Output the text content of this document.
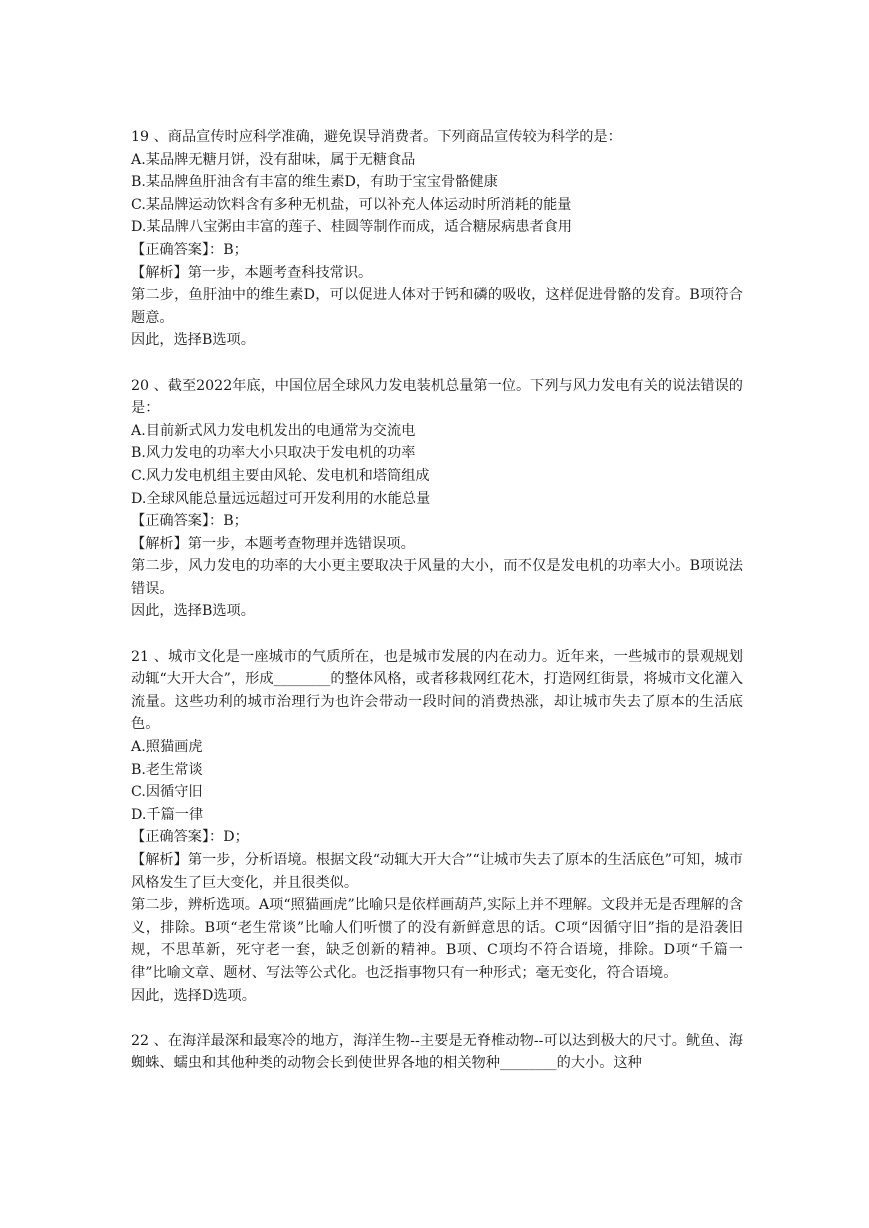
19 、商品宣传时应科学准确，避免误导消费者。下列商品宣传较为科学的是：

A.某品牌无糖月饼，没有甜味，属于无糖食品

B.某品牌鱼肝油含有丰富的维生素D，有助于宝宝骨骼健康

C.某品牌运动饮料含有多种无机盐，可以补充人体运动时所消耗的能量

D.某品牌八宝粥由丰富的莲子、桂圆等制作而成，适合糖尿病患者食用

【正确答案】：B；

【解析】第一步，本题考查科技常识。

第二步，鱼肝油中的维生素D，可以促进人体对于钙和磷的吸收，这样促进骨骼的发育。B项符合题意。

因此，选择B选项。

20 、截至2022年底，中国位居全球风力发电装机总量第一位。下列与风力发电有关的说法错误的是：

A.目前新式风力发电机发出的电通常为交流电

B.风力发电的功率大小只取决于发电机的功率

C.风力发电机组主要由风轮、发电机和塔筒组成

D.全球风能总量远远超过可开发利用的水能总量

【正确答案】：B；

【解析】第一步，本题考查物理并选错误项。

第二步，风力发电的功率的大小更主要取决于风量的大小，而不仅是发电机的功率大小。B项说法错误。

因此，选择B选项。

21 、城市文化是一座城市的气质所在，也是城市发展的内在动力。近年来，一些城市的景观规划动辄“大开大合”，形成________的整体风格，或者移栽网红花木，打造网红街景，将城市文化灌入流量。这些功利的城市治理行为也许会带动一段时间的消费热涨，却让城市失去了原本的生活底色。

A.照猫画虎

B.老生常谈

C.因循守旧

D.千篇一律

【正确答案】：D；

【解析】第一步，分析语境。根据文段“动辄大开大合”“让城市失去了原本的生活底色”可知，城市风格发生了巨大变化，并且很类似。

第二步，辨析选项。A项“照猫画虎”比喻只是依样画葫芦,实际上并不理解。文段并无是否理解的含义，排除。B项“老生常谈”比喻人们听惯了的没有新鲜意思的话。C项“因循守旧”指的是沿袭旧规，不思革新，死守老一套，缺乏创新的精神。B项、C项均不符合语境，排除。D项“千篇一律”比喻文章、题材、写法等公式化。也泛指事物只有一种形式；毫无变化，符合语境。

因此，选择D选项。

22 、在海洋最深和最寒冷的地方，海洋生物--主要是无脊椎动物--可以达到极大的尺寸。鱿鱼、海蜘蛛、蠕虫和其他种类的动物会长到使世界各地的相关物种________的大小。这种
